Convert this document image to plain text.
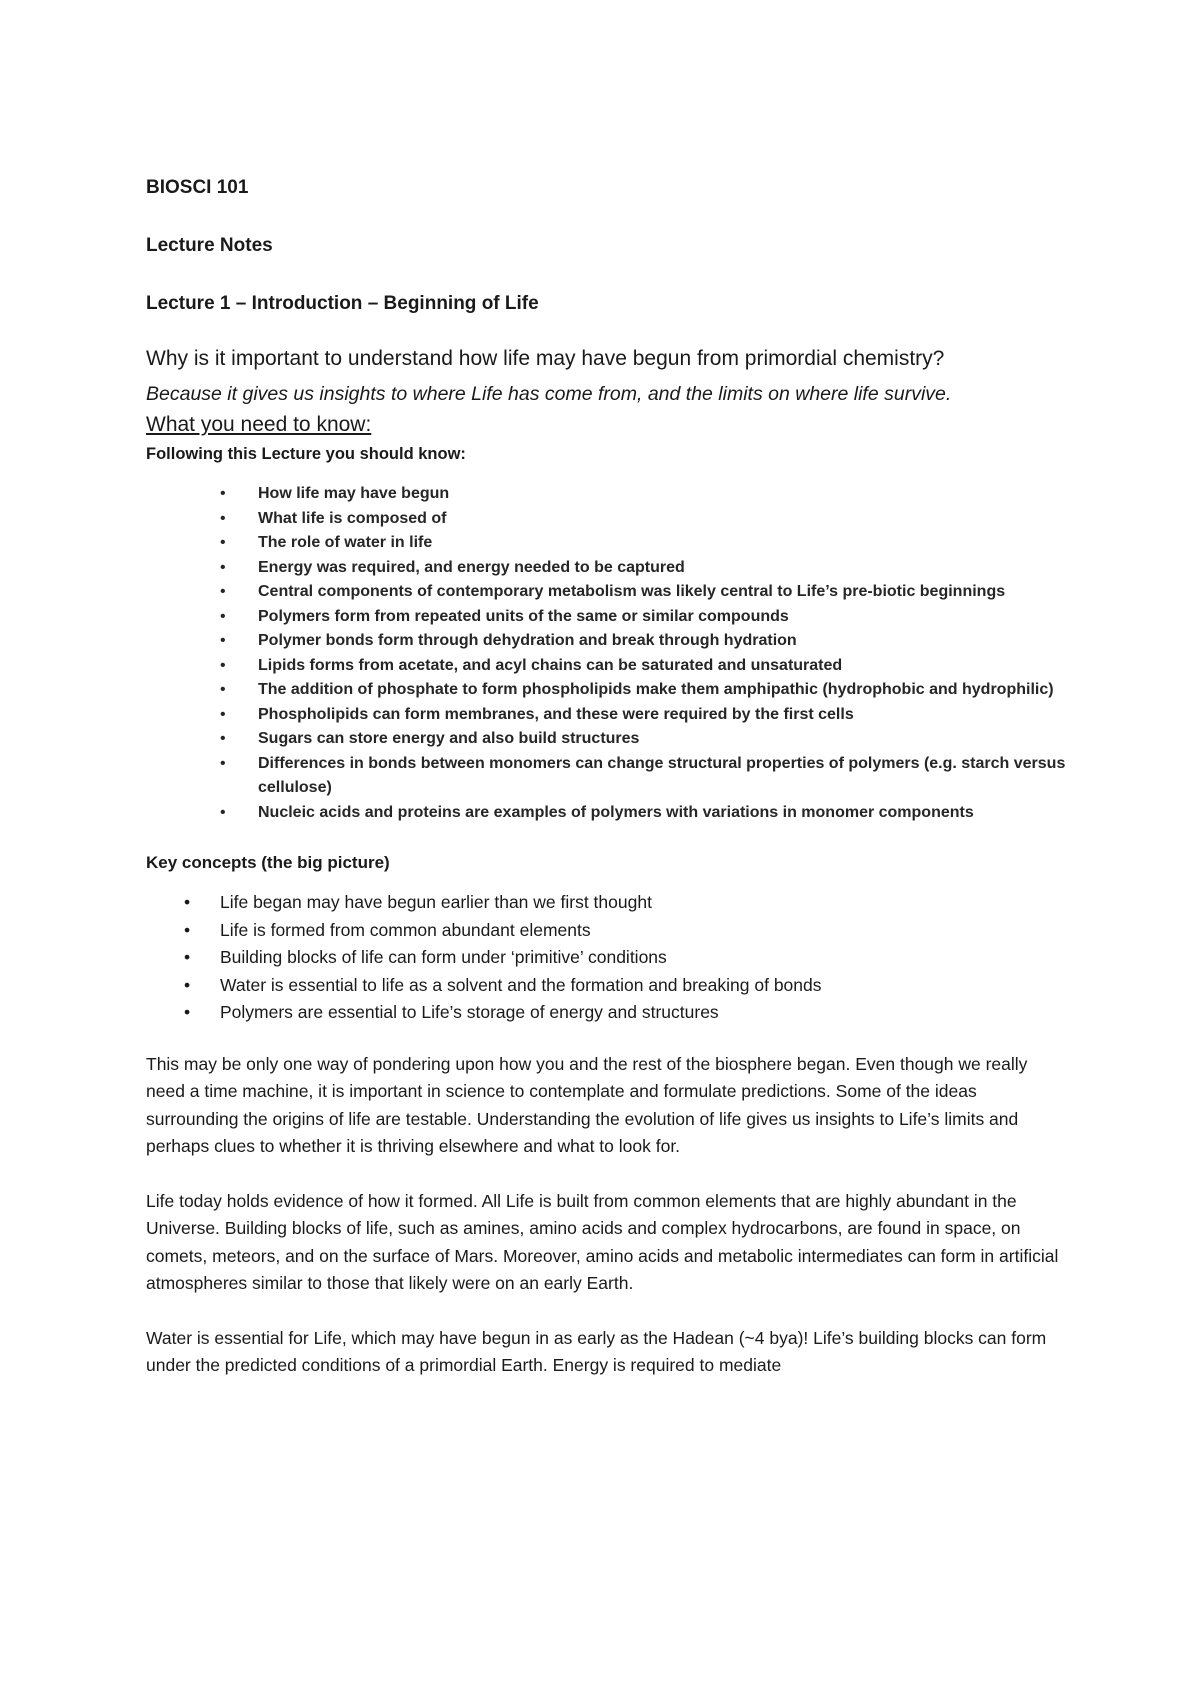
BIOSCI 101
Lecture Notes
Lecture 1 – Introduction – Beginning of Life
Why is it important to understand how life may have begun from primordial chemistry?
Because it gives us insights to where Life has come from, and the limits on where life survive.
What you need to know:
Following this Lecture you should know:
• How life may have begun
• What life is composed of
• The role of water in life
• Energy was required, and energy needed to be captured
• Central components of contemporary metabolism was likely central to Life’s pre-biotic beginnings
• Polymers form from repeated units of the same or similar compounds
• Polymer bonds form through dehydration and break through hydration
• Lipids forms from acetate, and acyl chains can be saturated and unsaturated
• The addition of phosphate to form phospholipids make them amphipathic (hydrophobic and hydrophilic)
• Phospholipids can form membranes, and these were required by the first cells
• Sugars can store energy and also build structures
• Differences in bonds between monomers can change structural properties of polymers (e.g. starch versus cellulose)
• Nucleic acids and proteins are examples of polymers with variations in monomer components
Key concepts (the big picture)
• Life began may have begun earlier than we first thought
• Life is formed from common abundant elements
• Building blocks of life can form under ‘primitive’ conditions
• Water is essential to life as a solvent and the formation and breaking of bonds
• Polymers are essential to Life’s storage of energy and structures

This may be only one way of pondering upon how you and the rest of the biosphere began. Even though we really need a time machine, it is important in science to contemplate and formulate predictions. Some of the ideas surrounding the origins of life are testable. Understanding the evolution of life gives us insights to Life’s limits and perhaps clues to whether it is thriving elsewhere and what to look for.

Life today holds evidence of how it formed. All Life is built from common elements that are highly abundant in the Universe. Building blocks of life, such as amines, amino acids and complex hydrocarbons, are found in space, on comets, meteors, and on the surface of Mars. Moreover, amino acids and metabolic intermediates can form in artificial atmospheres similar to those that likely were on an early Earth.

Water is essential for Life, which may have begun in as early as the Hadean (~4 bya)! Life’s building blocks can form under the predicted conditions of a primordial Earth. Energy is required to mediate
